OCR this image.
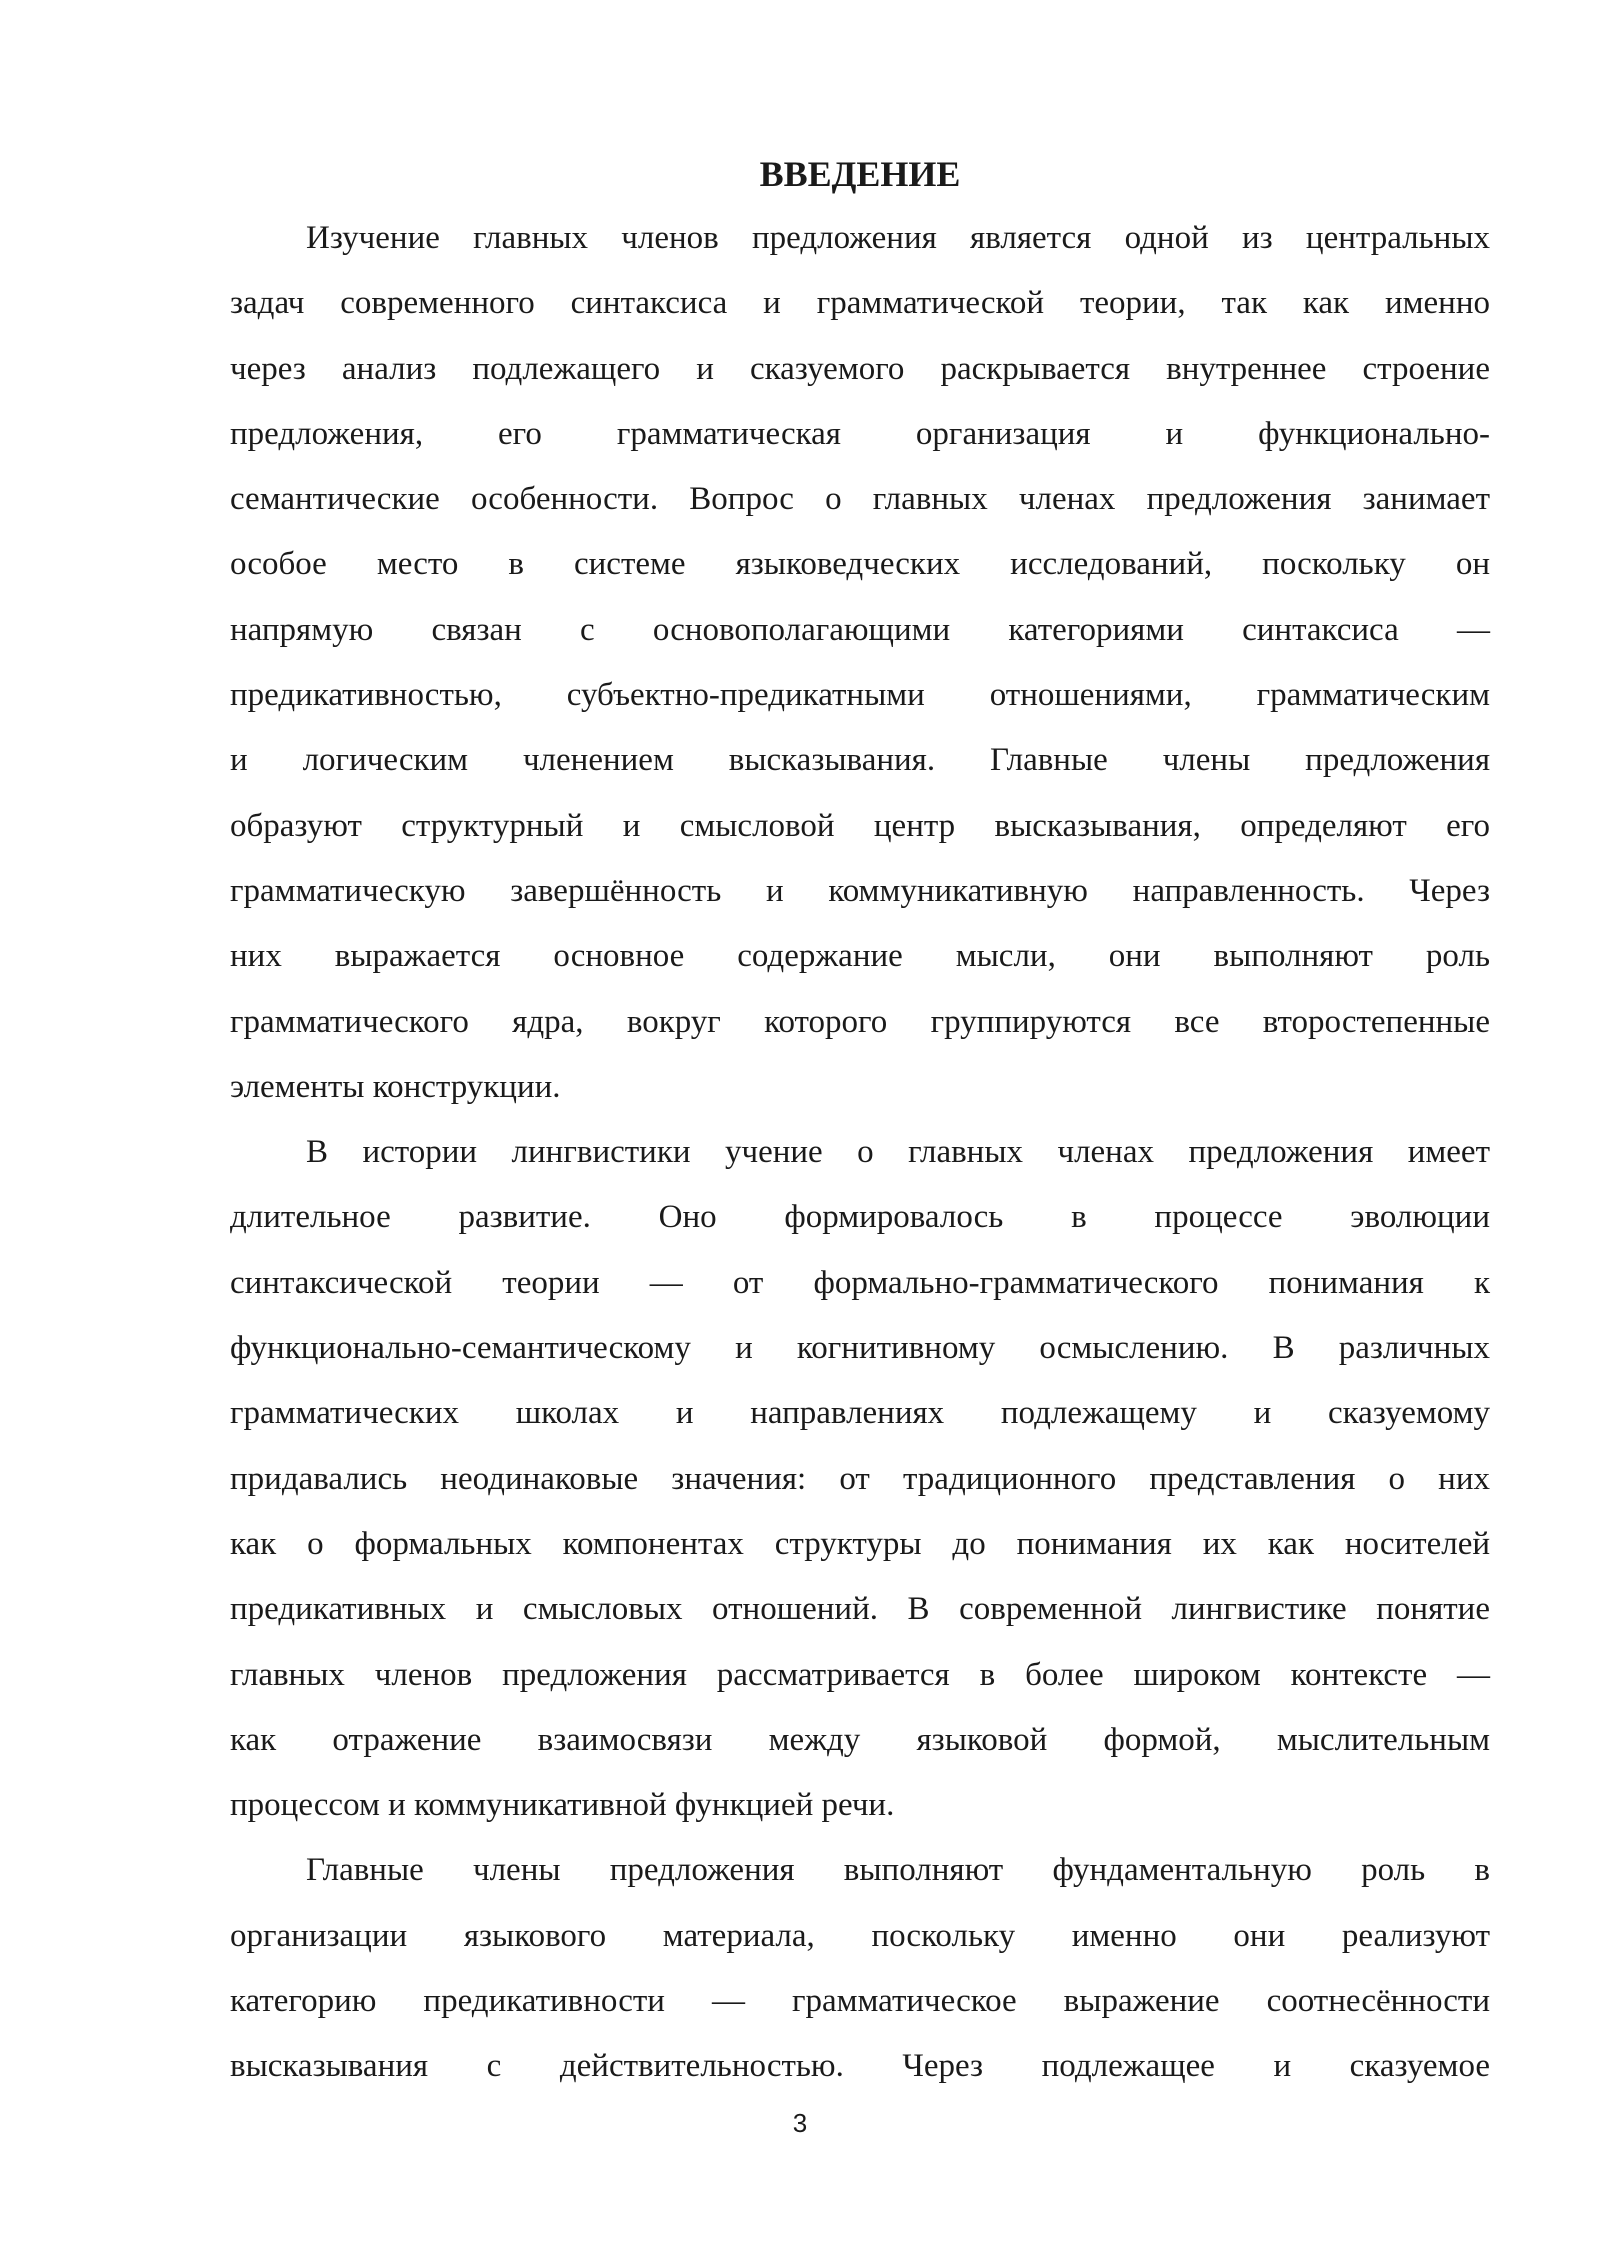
ВВЕДЕНИЕ
Изучение главных членов предложения является одной из центральных
задач современного синтаксиса и грамматической теории, так как именно
через анализ подлежащего и сказуемого раскрывается внутреннее строение
предложения, его грамматическая организация и функционально-
семантические особенности. Вопрос о главных членах предложения занимает
особое место в системе языковедческих исследований, поскольку он
напрямую связан с основополагающими категориями синтаксиса —
предикативностью, субъектно-предикатными отношениями, грамматическим
и логическим членением высказывания. Главные члены предложения
образуют структурный и смысловой центр высказывания, определяют его
грамматическую завершённость и коммуникативную направленность. Через
них выражается основное содержание мысли, они выполняют роль
грамматического ядра, вокруг которого группируются все второстепенные
элементы конструкции.
В истории лингвистики учение о главных членах предложения имеет
длительное развитие. Оно формировалось в процессе эволюции
синтаксической теории — от формально-грамматического понимания к
функционально-семантическому и когнитивному осмыслению. В различных
грамматических школах и направлениях подлежащему и сказуемому
придавались неодинаковые значения: от традиционного представления о них
как о формальных компонентах структуры до понимания их как носителей
предикативных и смысловых отношений. В современной лингвистике понятие
главных членов предложения рассматривается в более широком контексте —
как отражение взаимосвязи между языковой формой, мыслительным
процессом и коммуникативной функцией речи.
Главные члены предложения выполняют фундаментальную роль в
организации языкового материала, поскольку именно они реализуют
категорию предикативности — грамматическое выражение соотнесённости
высказывания с действительностью. Через подлежащее и сказуемое
3
